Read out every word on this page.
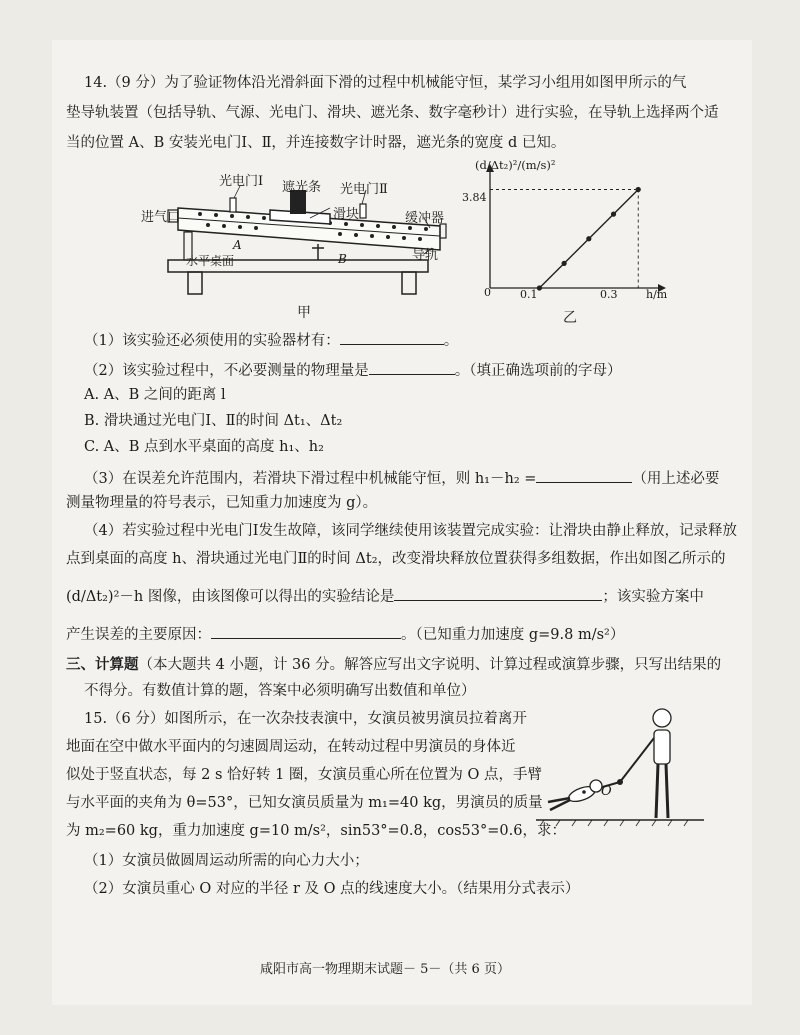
14.（9 分）为了验证物体沿光滑斜面下滑的过程中机械能守恒，某学习小组用如图甲所示的气
垫导轨装置（包括导轨、气源、光电门、滑块、遮光条、数字毫秒计）进行实验，在导轨上选择两个适
当的位置 A、B 安装光电门Ⅰ、Ⅱ，并连接数字计时器，遮光条的宽度 d 已知。
光电门Ⅰ 遮光条 光电门Ⅱ
进气口	滑块	缓冲器
A
B
水平桌面	导轨
甲
(d/Δt₂)²/(m/s)²
3.84
0	0.1	0.3	h/m
乙
（1）该实验还必须使用的实验器材有：	。
（2）该实验过程中，不必要测量的物理量是	。（填正确选项前的字母）
A. A、B 之间的距离 l
B. 滑块通过光电门Ⅰ、Ⅱ的时间 Δt₁、Δt₂
C. A、B 点到水平桌面的高度 h₁、h₂
（3）在误差允许范围内，若滑块下滑过程中机械能守恒，则 h₁－h₂ =	（用上述必要
测量物理量的符号表示，已知重力加速度为 g）。
（4）若实验过程中光电门Ⅰ发生故障，该同学继续使用该装置完成实验：让滑块由静止释放，记录释放
点到桌面的高度 h、滑块通过光电门Ⅱ的时间 Δt₂，改变滑块释放位置获得多组数据，作出如图乙所示的
(d/Δt₂)²－h 图像，由该图像可以得出的实验结论是	；该实验方案中
产生误差的主要原因：	。（已知重力加速度 g=9.8 m/s²）
三、计算题（本大题共 4 小题，计 36 分。解答应写出文字说明、计算过程或演算步骤，只写出结果的
不得分。有数值计算的题，答案中必须明确写出数值和单位）
15.（6 分）如图所示，在一次杂技表演中，女演员被男演员拉着离开
地面在空中做水平面内的匀速圆周运动，在转动过程中男演员的身体近
似处于竖直状态，每 2 s 恰好转 1 圈，女演员重心所在位置为 O 点，手臂
与水平面的夹角为 θ=53°，已知女演员质量为 m₁=40 kg，男演员的质量
为 m₂=60 kg，重力加速度 g=10 m/s²，sin53°=0.8，cos53°=0.6，求：
（1）女演员做圆周运动所需的向心力大小；
（2）女演员重心 O 对应的半径 r 及 O 点的线速度大小。（结果用分式表示）
O
咸阳市高一物理期末试题－ 5－（共 6 页）
